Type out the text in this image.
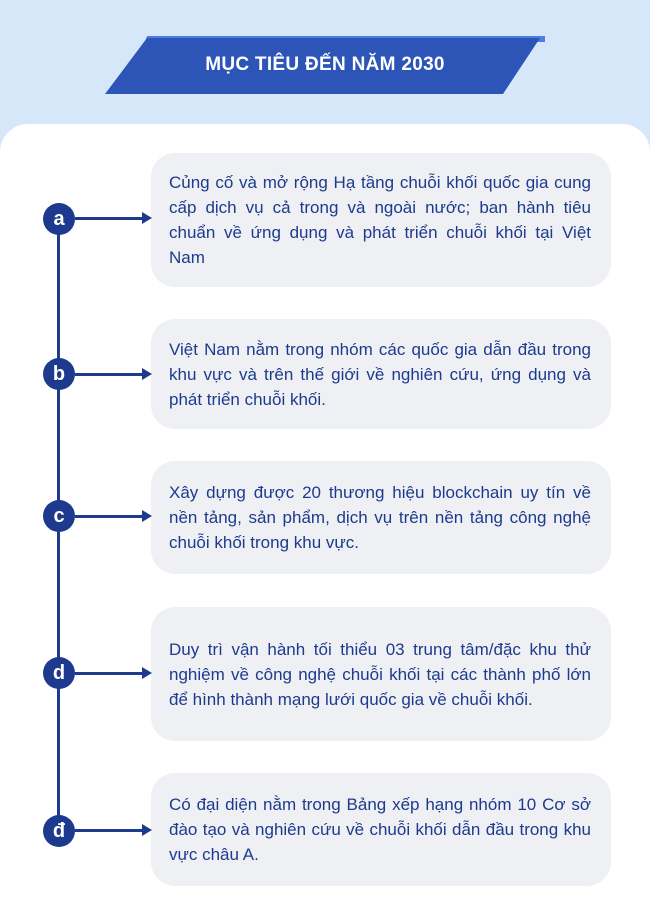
MỤC TIÊU ĐẾN NĂM 2030
Củng cố và mở rộng Hạ tầng chuỗi khối quốc gia cung cấp dịch vụ cả trong và ngoài nước; ban hành tiêu chuẩn về ứng dụng và phát triển chuỗi khối tại Việt Nam
a
Việt Nam nằm trong nhóm các quốc gia dẫn đầu trong khu vực và trên thế giới về nghiên cứu, ứng dụng và phát triển chuỗi khối.
b
Xây dựng được 20 thương hiệu blockchain uy tín về nền tảng, sản phẩm, dịch vụ trên nền tảng công nghệ chuỗi khối trong khu vực.
c
Duy trì vận hành tối thiểu 03 trung tâm/đặc khu thử nghiệm về công nghệ chuỗi khối tại các thành phố lớn để hình thành mạng lưới quốc gia về chuỗi khối.
d
Có đại diện nằm trong Bảng xếp hạng nhóm 10 Cơ sở đào tạo và nghiên cứu về chuỗi khối dẫn đầu trong khu vực châu A.
đ
